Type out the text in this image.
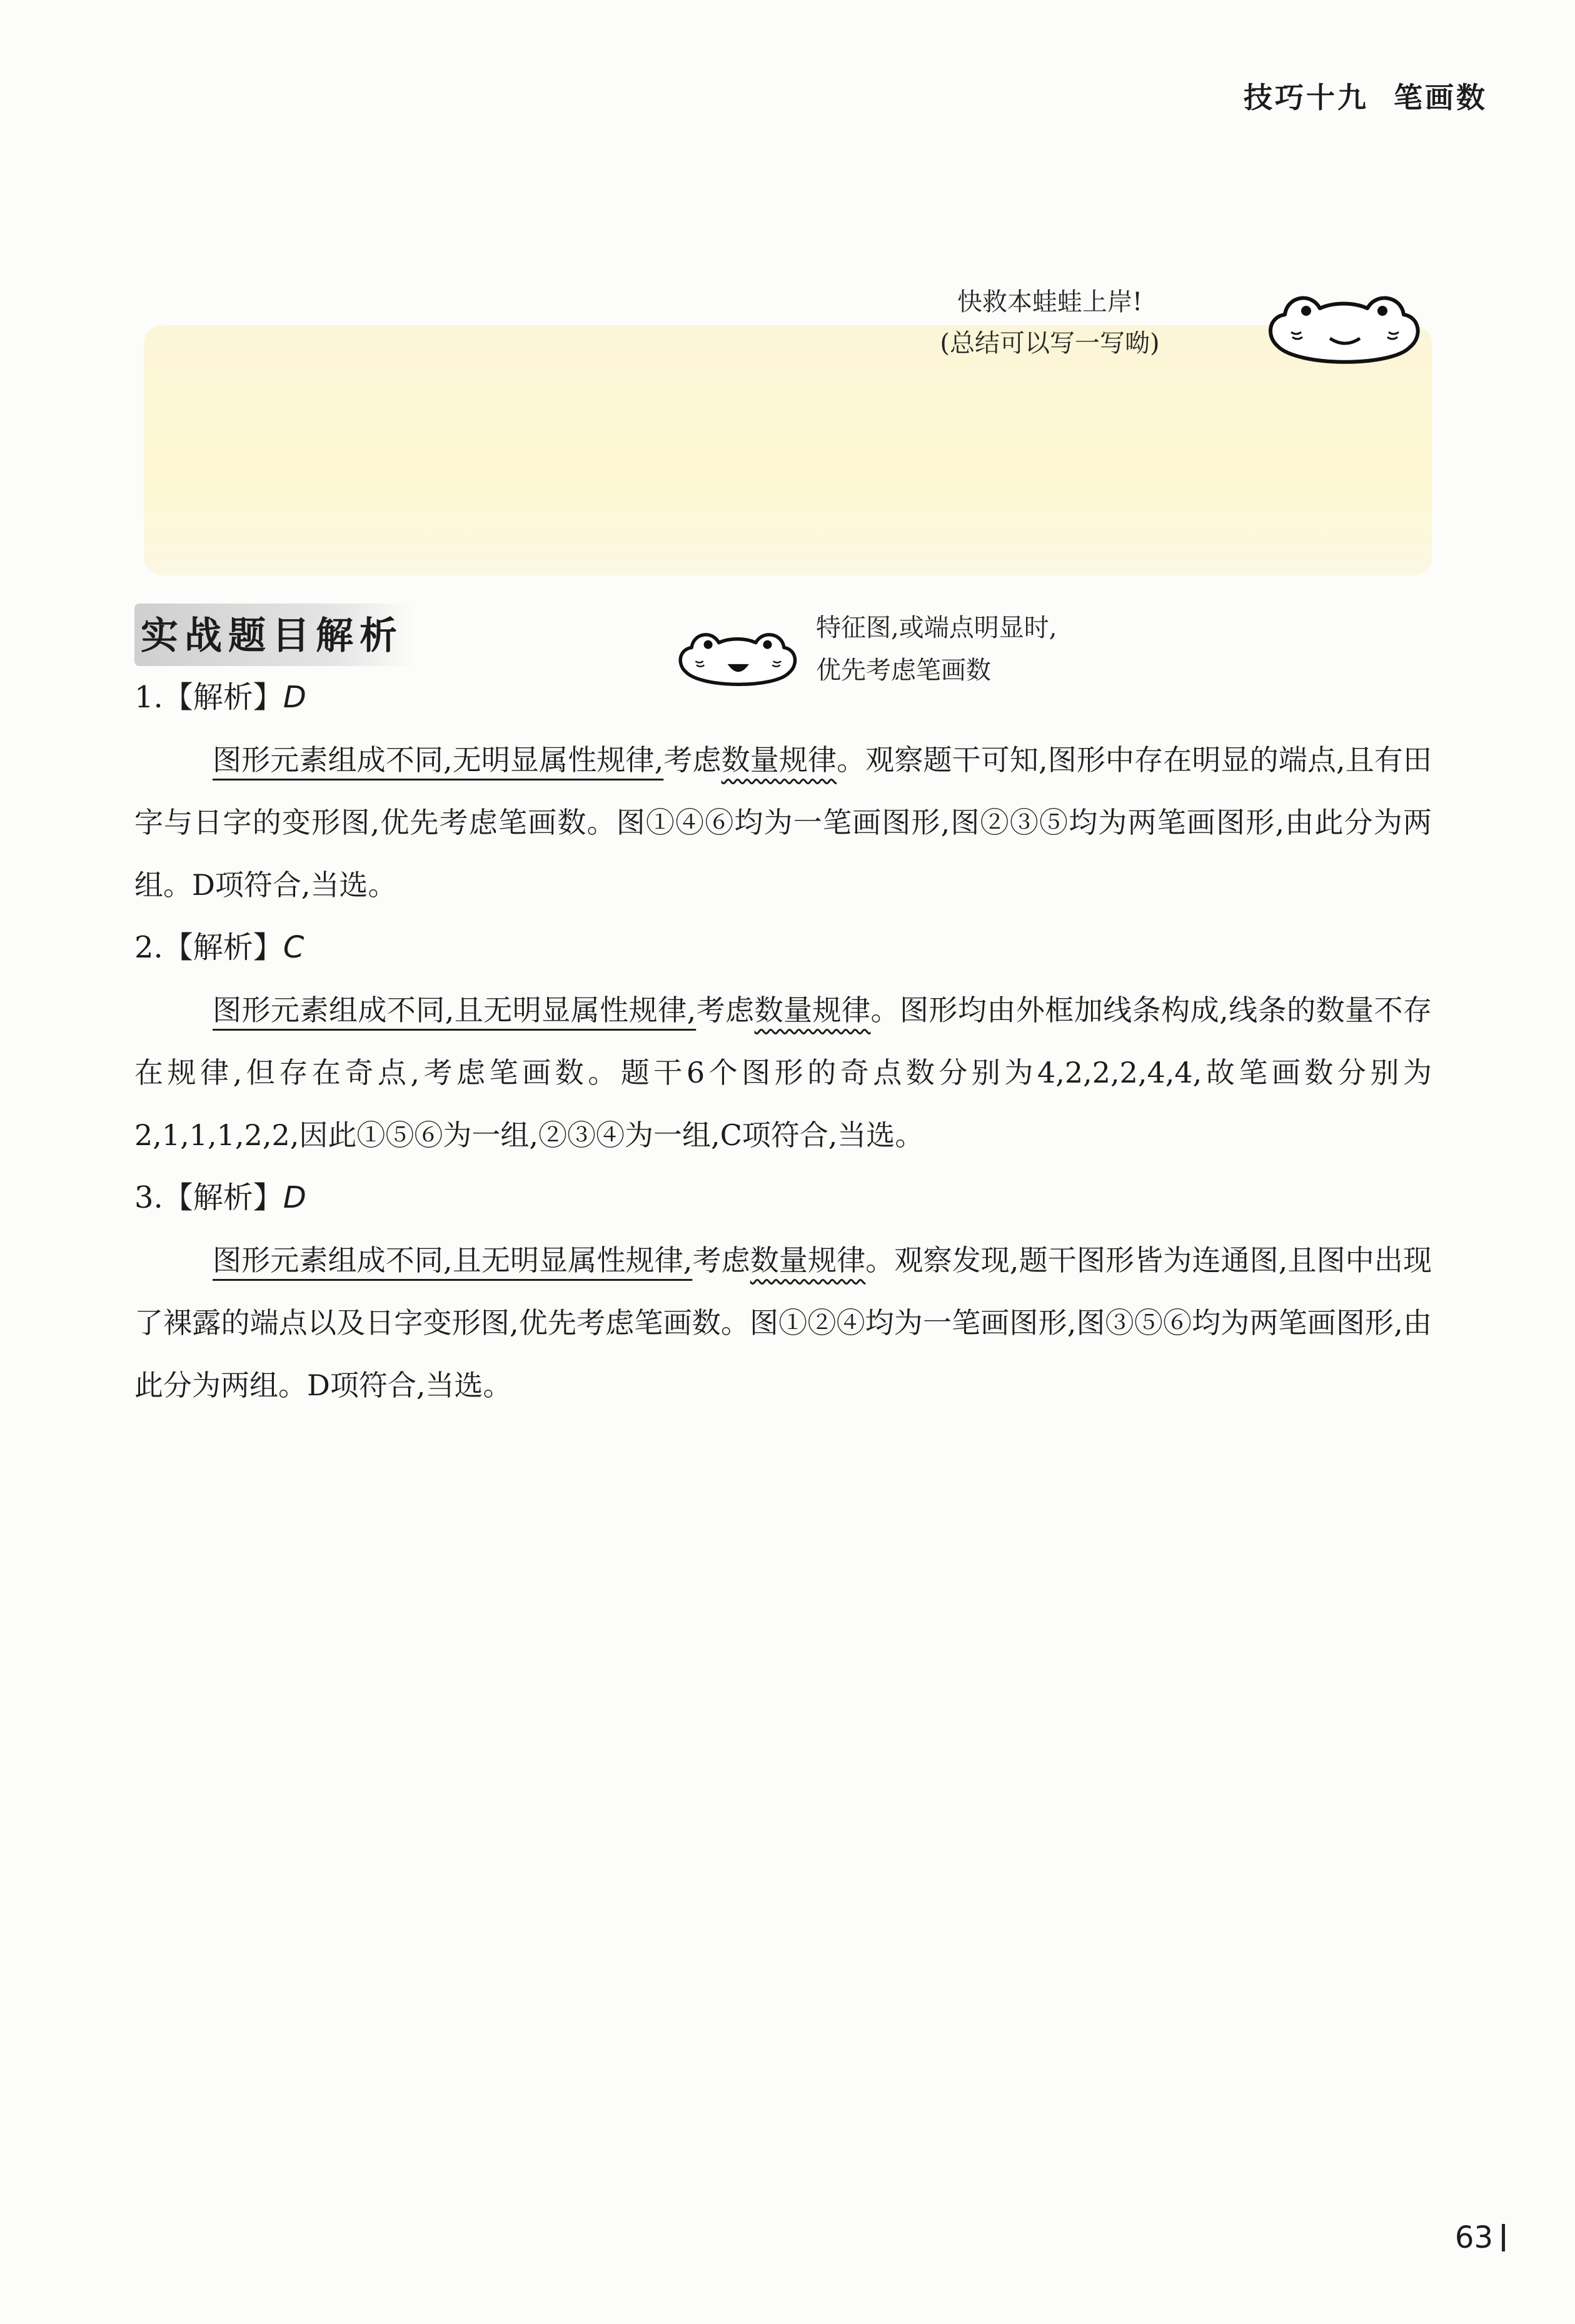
技巧十九 笔画数
快救本蛙蛙上岸!
(总结可以写一写呦)
实战题目解析	特征图,或端点明显时,
优先考虑笔画数
1.【解析】D

图形元素组成不同,无明显属性规律,考虑数量规律。观察题干可知,图形中存在明显的端点,且有田字与日字的变形图,优先考虑笔画数。图①④⑥均为一笔画图形,图②③⑤均为两笔画图形,由此分为两组。D项符合,当选。

2.【解析】C

图形元素组成不同,且无明显属性规律,考虑数量规律。图形均由外框加线条构成,线条的数量不存在规律,但存在奇点,考虑笔画数。题干6个图形的奇点数分别为4,2,2,2,4,4,故笔画数分别为2,1,1,1,2,2,因此①⑤⑥为一组,②③④为一组,C项符合,当选。

3.【解析】D

图形元素组成不同,且无明显属性规律,考虑数量规律。观察发现,题干图形皆为连通图,且图中出现了裸露的端点以及日字变形图,优先考虑笔画数。图①②④均为一笔画图形,图③⑤⑥均为两笔画图形,由此分为两组。D项符合,当选。

63
